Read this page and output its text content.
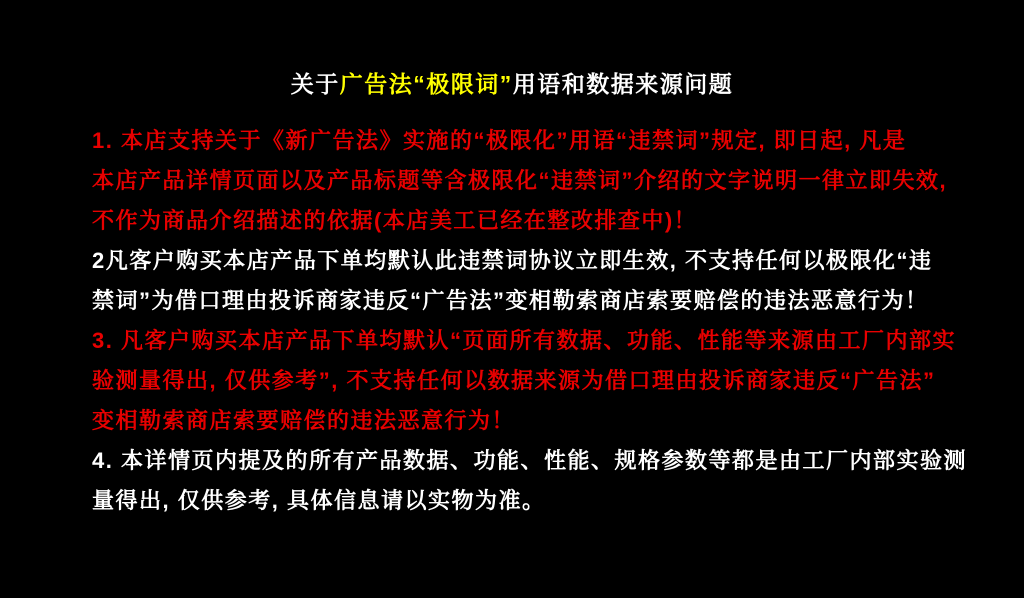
关于广告法“极限词”用语和数据来源问题
1. 本店支持关于《新广告法》实施的“极限化”用语“违禁词”规定, 即日起, 凡是
本店产品详情页面以及产品标题等含极限化“违禁词”介绍的文字说明一律立即失效,
不作为商品介绍描述的依据(本店美工已经在整改排查中)！
2凡客户购买本店产品下单均默认此违禁词协议立即生效, 不支持任何以极限化“违
禁词”为借口理由投诉商家违反“广告法”变相勒索商店索要赔偿的违法恶意行为！
3. 凡客户购买本店产品下单均默认“页面所有数据、功能、性能等来源由工厂内部实
验测量得出, 仅供参考”, 不支持任何以数据来源为借口理由投诉商家违反“广告法”
变相勒索商店索要赔偿的违法恶意行为！
4. 本详情页内提及的所有产品数据、功能、性能、规格参数等都是由工厂内部实验测
量得出, 仅供参考, 具体信息请以实物为准。
